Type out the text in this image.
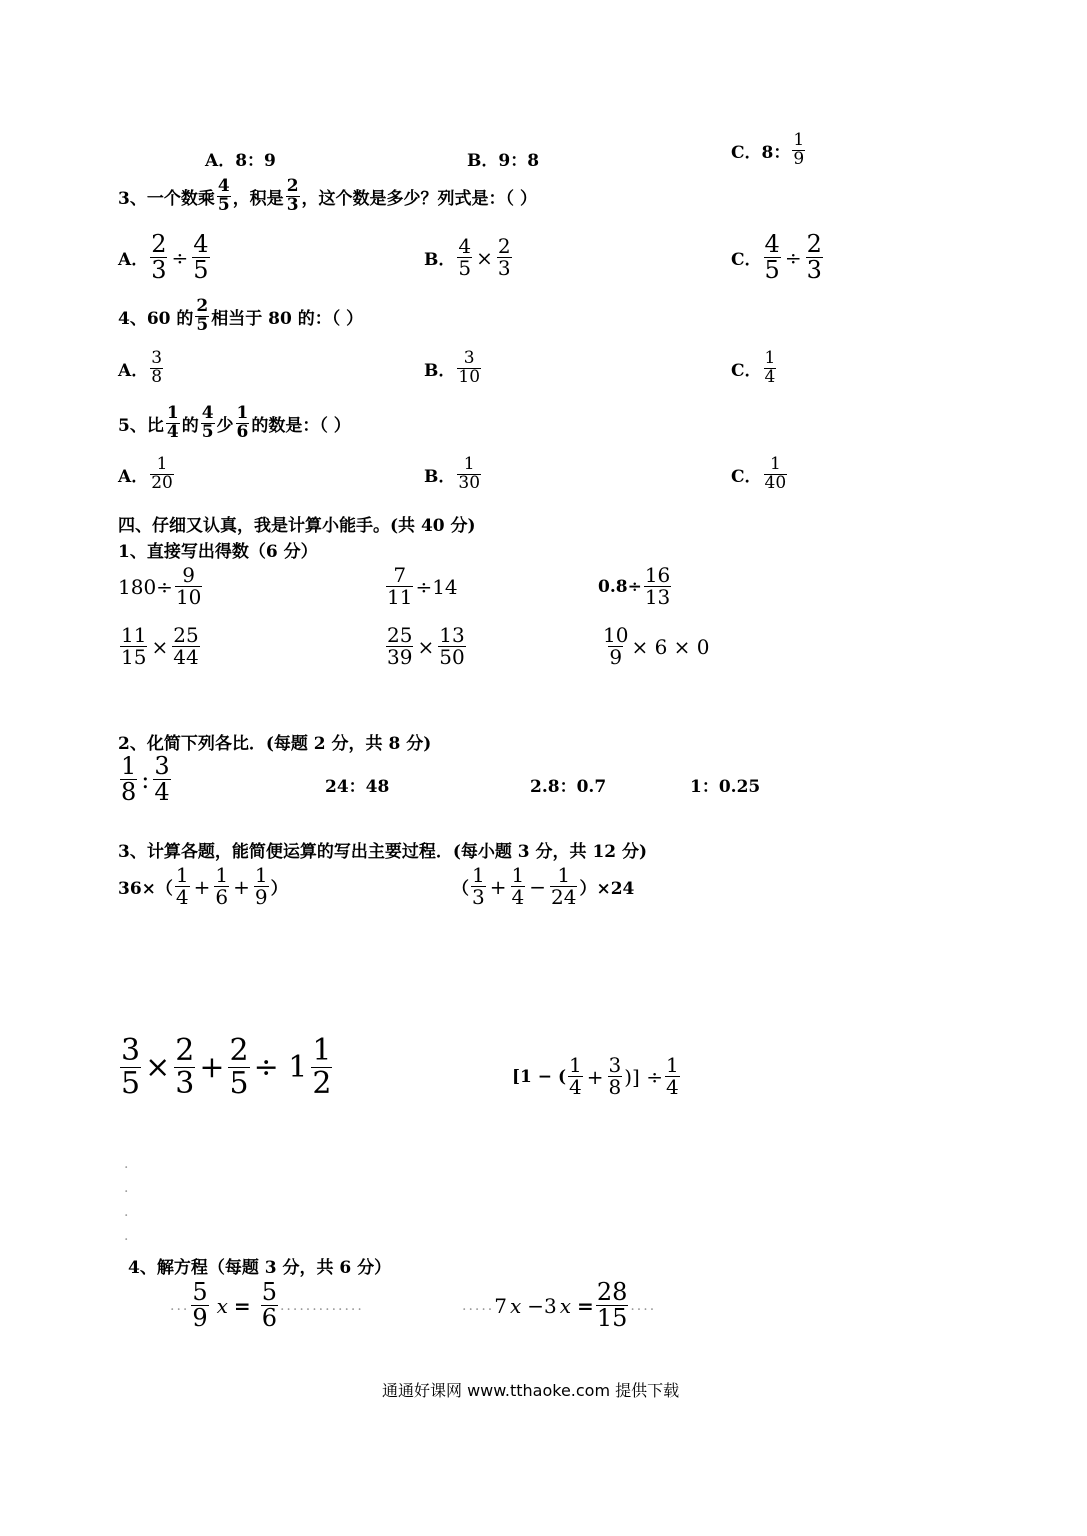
A．8：9	B．9：8	C．8： $\frac{1}{9}$
3、一个数乘 $\frac{4}{5}$ ，积是 $\frac{2}{3}$ ，这个数是多少？列式是：（ ）
A． $\frac{2}{3} \div \frac{4}{5}$	B． $\frac{4}{5} \times \frac{2}{3}$	C． $\frac{4}{5} \div \frac{2}{3}$
4、60 的 $\frac{2}{5}$ 相当于 80 的：（ ）
A． $\frac{3}{8}$	B． $\frac{3}{10}$	C． $\frac{1}{4}$
5、比 $\frac{1}{4}$ 的 $\frac{4}{5}$ 少 $\frac{1}{6}$ 的数是：（ ）
A． $\frac{1}{20}$	B． $\frac{1}{30}$	C． $\frac{1}{40}$
四、仔细又认真，我是计算小能手。(共 40 分)
1、直接写出得数（6 分）
$180\div \frac{9}{10}$	$\frac{7}{11} \div 14$	$0.8\div \frac{16}{13}$
$\frac{11}{15} \times \frac{25}{44}$	$\frac{25}{39} \times \frac{13}{50}$	$\frac{10}{9} \times 6 \times 0$
2、化简下列各比．(每题 2 分，共 8 分)
$\frac{1}{8}$ : $\frac{3}{4}$	24：48	2.8：0.7	1：0.25
3、计算各题，能简便运算的写出主要过程．(每小题 3 分，共 12 分)
$36\times( \frac{1}{4} + \frac{1}{6} + \frac{1}{9}$ ）	（ $\frac{1}{3} + \frac{1}{4} - \frac{1}{24} )\times 24$
$\frac{3}{5} \times \frac{2}{3} + \frac{2}{5} \div 1 \frac{1}{2}$	[1 − ( $\frac{1}{4} + \frac{3}{8}$ )] ÷ $\frac{1}{4}$
·
·
·
·
4、解方程（每题 3 分，共 6 分）
... $\frac{5}{9}$ $x = \frac{5}{6}$ .............	..... 7 x −3 $x = \frac{28}{15}$ ....
通通好课网 www.tthaoke.com 提供下载
